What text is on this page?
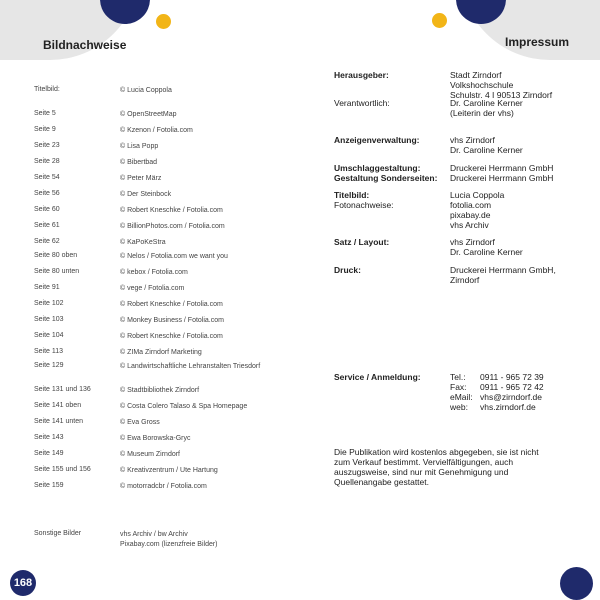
Bildnachweise	Impressum
Titelbild:	© Lucia Coppola
Seite 5	© OpenStreetMap
Seite 9	© Kzenon / Fotolia.com
Seite 23	© Lisa Popp
Seite 28	© Bibertbad
Seite 54	© Peter März
Seite 56	© Der Steinbock
Seite 60	© Robert Kneschke / Fotolia.com
Seite 61	© BillionPhotos.com / Fotolia.com
Seite 62	© KaPoKeStra
Seite 80 oben	© Nelos / Fotolia.com we want you
Seite 80 unten	© kebox / Fotolia.com
Seite 91	© vege / Fotolia.com
Seite 102	© Robert Kneschke / Fotolia.com
Seite 103	© Monkey Business / Fotolia.com
Seite 104	© Robert Kneschke / Fotolia.com
Seite 113	© ZIMa Zirndorf Marketing
Seite 129	© Landwirtschaftliche Lehranstalten Triesdorf
Seite 131 und 136	© Stadtbibliothek Zirndorf
Seite 141 oben	© Costa Colero Talaso & Spa Homepage
Seite 141 unten	© Eva Gross
Seite 143	© Ewa Borowska-Gryc
Seite 149	© Museum Zirndorf
Seite 155 und 156	© Kreativzentrum / Ute Hartung
Seite 159	© motorradcbr / Fotolia.com
Sonstige Bilder	vhs Archiv / bw Archiv
Pixabay.com (lizenzfreie Bilder)
Herausgeber:	Stadt Zirndorf
Volkshochschule
Schulstr. 4 I 90513 Zirndorf
Verantwortlich:	Dr. Caroline Kerner
(Leiterin der vhs)
Anzeigenverwaltung:	vhs Zirndorf
Dr. Caroline Kerner
Umschlaggestaltung:	Druckerei Herrmann GmbH
Gestaltung Sonderseiten: Druckerei Herrmann GmbH
Titelbild:	Lucia Coppola
Fotonachweise:	fotolia.com
pixabay.de
vhs Archiv
Satz / Layout:	vhs Zirndorf
Dr. Caroline Kerner
Druck:	Druckerei Herrmann GmbH,
Zirndorf
Service / Anmeldung:	Tel.: 0911 - 965 72 39
Fax: 0911 - 965 72 42
eMail: vhs@zirndorf.de
web: vhs.zirndorf.de
Die Publikation wird kostenlos abgegeben, sie ist nicht
zum Verkauf bestimmt. Vervielfältigungen, auch
auszugsweise, sind nur mit Genehmigung und
Quellenangabe gestattet.
168
